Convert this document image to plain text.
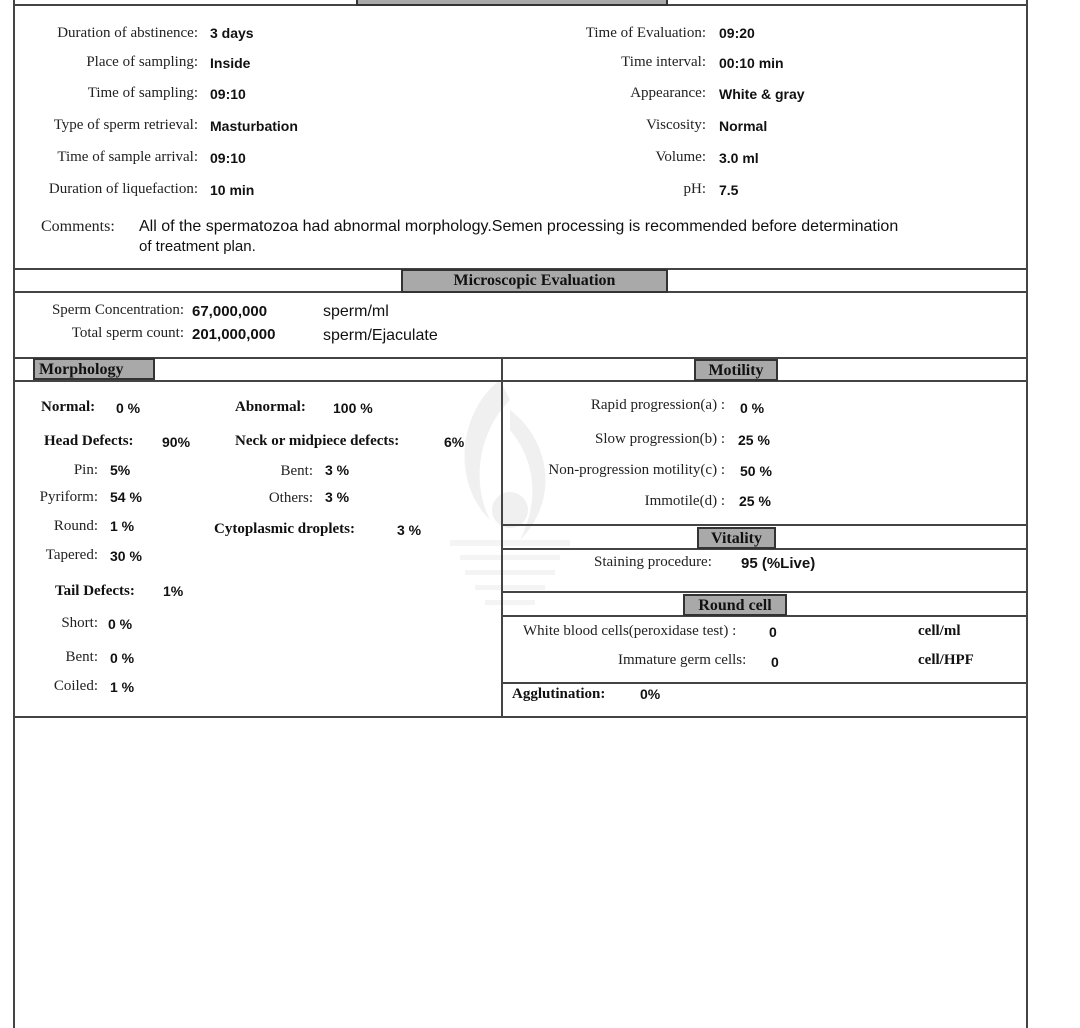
Duration of abstinence: 3 days
Place of sampling: Inside
Time of sampling: 09:10
Type of sperm retrieval: Masturbation
Time of sample arrival: 09:10
Duration of liquefaction: 10 min
Time of Evaluation: 09:20
Time interval: 00:10 min
Appearance: White & gray
Viscosity: Normal
Volume: 3.0 ml
pH: 7.5
Comments: All of the spermatozoa had abnormal morphology.Semen processing is recommended before determination
of treatment plan.
Microscopic Evaluation
Sperm Concentration: 67,000,000	sperm/ml
Total sperm count: 201,000,000	sperm/Ejaculate
Morphology	Motility
Normal: 0 %	Abnormal: 100 %
Head Defects: 90%	Neck or midpiece defects:	6%
Pin: 5%	Bent: 3 %
Pyriform: 54 %	Others: 3 %
Round: 1 %	Cytoplasmic droplets:	3 %
Tapered: 30 %
Tail Defects: 1%
Short: 0 %
Bent: 0 %
Coiled: 1 %
Rapid progression(a) : 0 %
Slow progression(b) : 25 %
Non-progression motility(c) : 50 %
Immotile(d) : 25 %
Vitality
Staining procedure: 95 (%Live)
Round cell
White blood cells(peroxidase test) : 0	cell/ml
Immature germ cells: 0	cell/HPF
Agglutination: 0%
